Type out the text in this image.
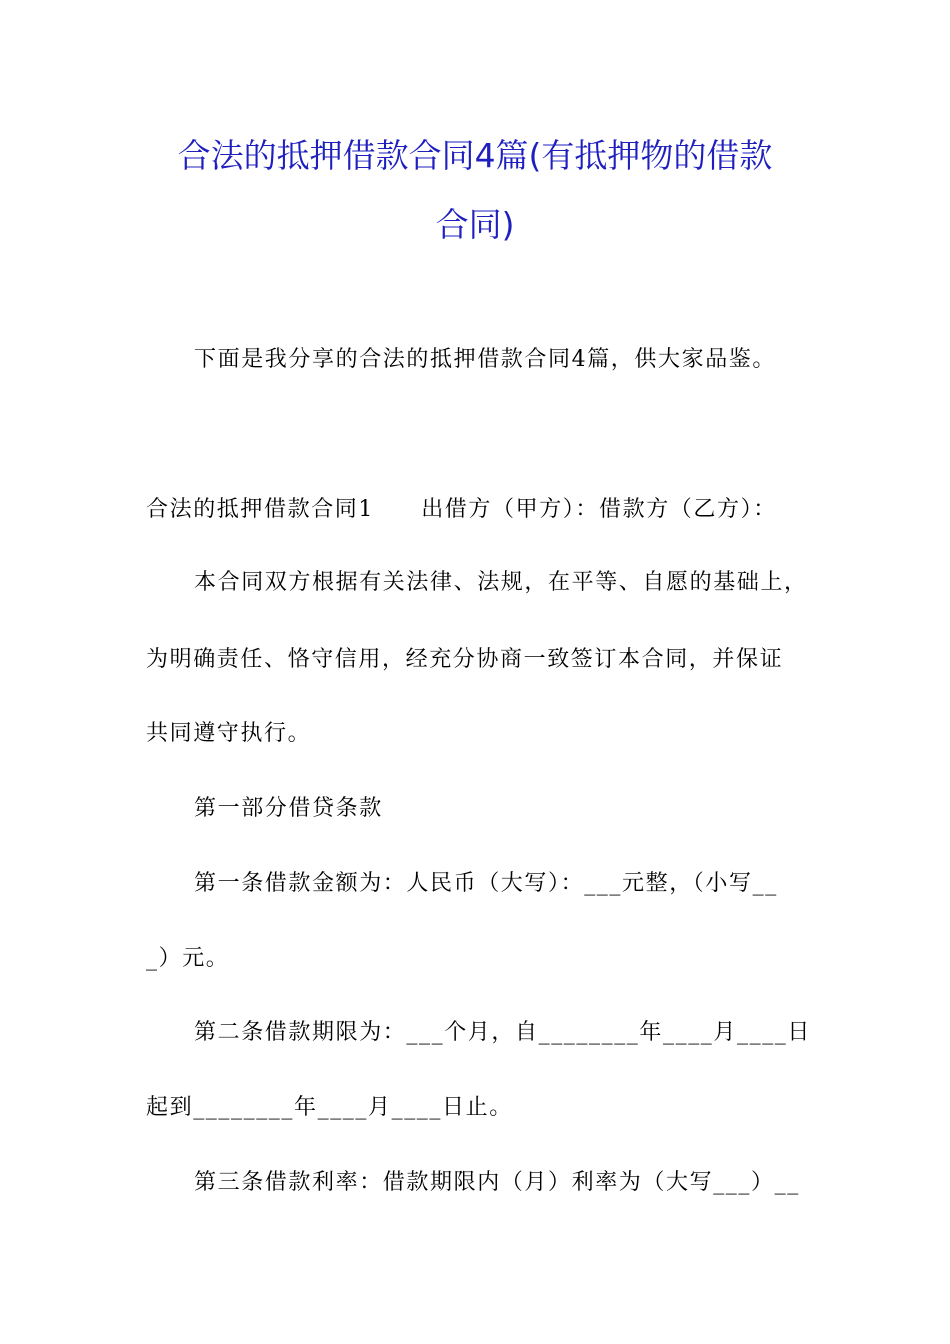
合法的抵押借款合同4篇(有抵押物的借款
合同)
下面是我分享的合法的抵押借款合同4篇，供大家品鉴。
合法的抵押借款合同1　　出借方（甲方）：借款方（乙方）：
本合同双方根据有关法律、法规，在平等、自愿的基础上，
为明确责任、恪守信用，经充分协商一致签订本合同，并保证
共同遵守执行。
第一部分借贷条款
第一条借款金额为：人民币（大写）：___元整，（小写__
_）元。
第二条借款期限为：___个月，自________年____月____日
起到________年____月____日止。
第三条借款利率：借款期限内（月）利率为（大写___）__
